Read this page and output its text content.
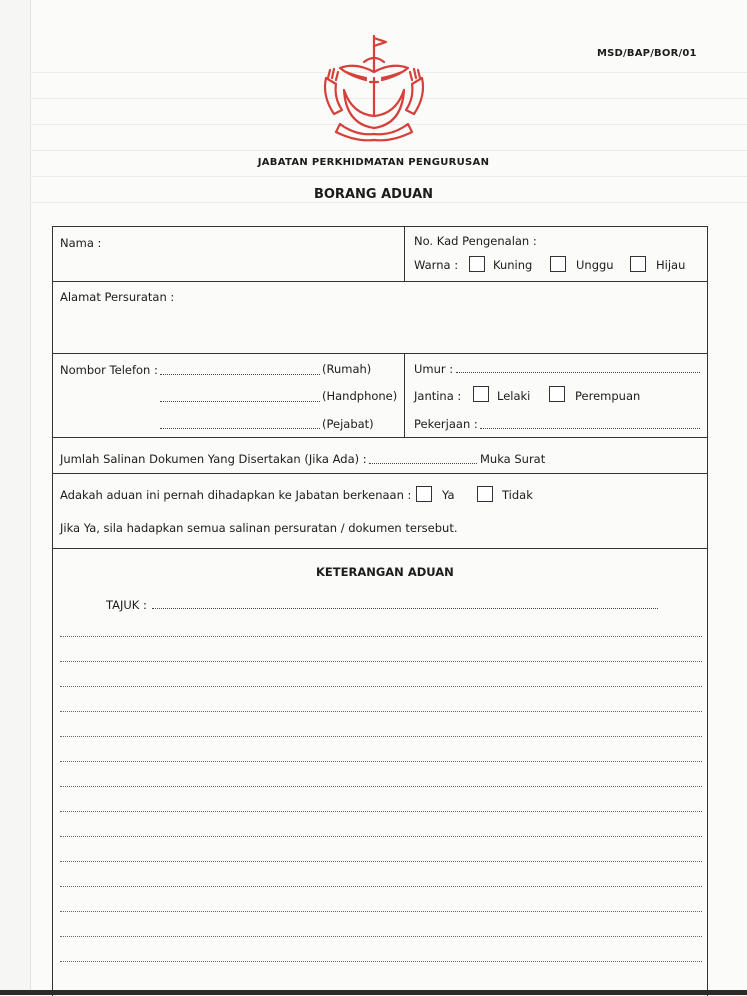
MSD/BAP/BOR/01
JABATAN PERKHIDMATAN PENGURUSAN
BORANG ADUAN
Nama :	No. Kad Pengenalan :
Warna :	Kuning	Unggu	Hijau
Alamat Persuratan :
Nombor Telefon :	(Rumah)
(Handphone)
(Pejabat)
Umur :
Jantina :	Lelaki	Perempuan
Pekerjaan :
Jumlah Salinan Dokumen Yang Disertakan (Jika Ada) :	Muka Surat
Adakah aduan ini pernah dihadapkan ke Jabatan berkenaan :	Ya	Tidak
Jika Ya, sila hadapkan semua salinan persuratan / dokumen tersebut.
KETERANGAN ADUAN
TAJUK :
